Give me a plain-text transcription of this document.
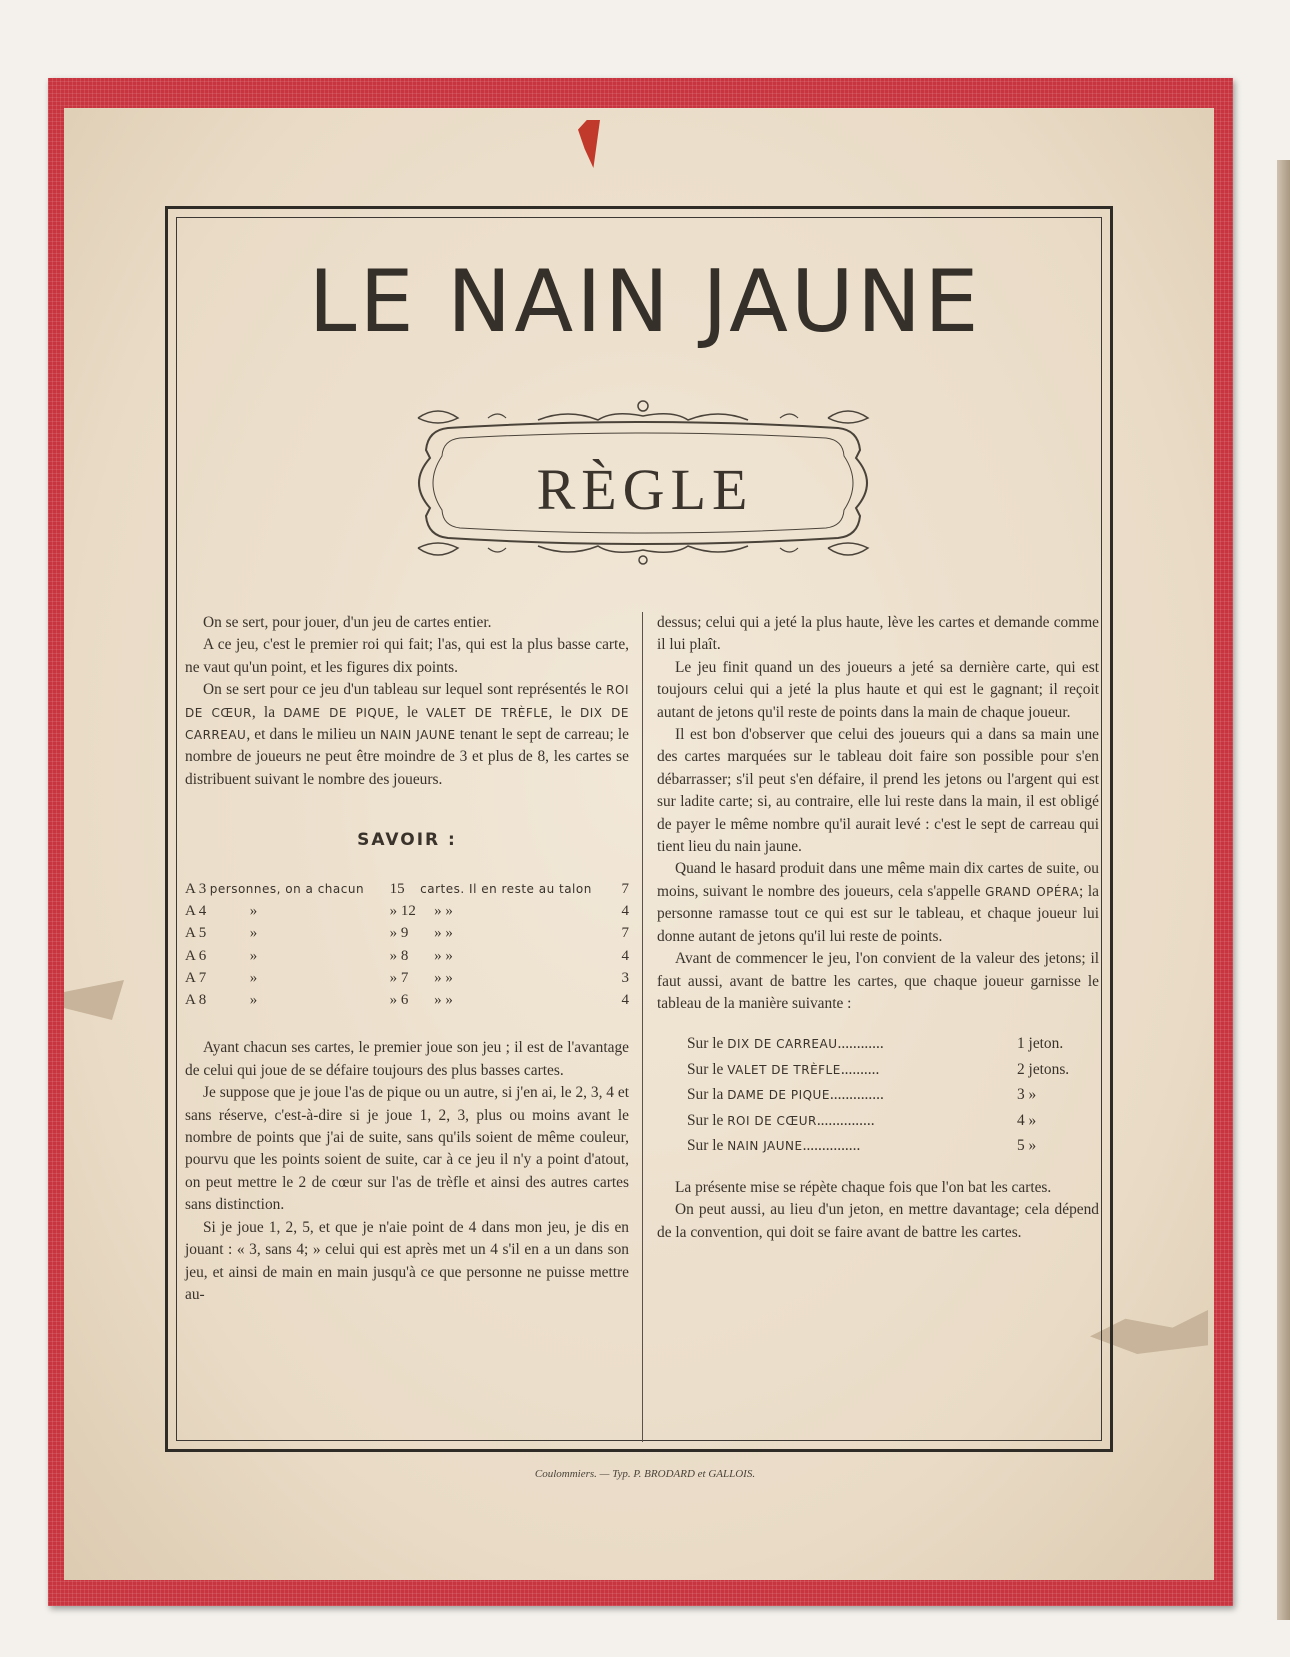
LE NAIN JAUNE
RÈGLE

On se sert, pour jouer, d'un jeu de cartes entier.

A ce jeu, c'est le premier roi qui fait; l'as, qui est la plus basse carte, ne vaut qu'un point, et les figures dix points.

On se sert pour ce jeu d'un tableau sur lequel sont représentés le ROI DE CŒUR, la DAME DE PIQUE, le VALET DE TRÈFLE, le DIX DE CARREAU, et dans le milieu un NAIN JAUNE tenant le sept de carreau; le nombre de joueurs ne peut être moindre de 3 et plus de 8, les cartes se distribuent suivant le nombre des joueurs.

SAVOIR :
A 3	personnes, on a chacun	15	cartes. Il en reste au talon	7
A 4	»	» 12	» »	4
A 5	»	» 9	» »	7
A 6	»	» 8	» »	4
A 7	»	» 7	» »	3
A 8	»	» 6	» »	4

Ayant chacun ses cartes, le premier joue son jeu ; il est de l'avantage de celui qui joue de se défaire toujours des plus basses cartes.

Je suppose que je joue l'as de pique ou un autre, si j'en ai, le 2, 3, 4 et sans réserve, c'est-à-dire si je joue 1, 2, 3, plus ou moins avant le nombre de points que j'ai de suite, sans qu'ils soient de même couleur, pourvu que les points soient de suite, car à ce jeu il n'y a point d'atout, on peut mettre le 2 de cœur sur l'as de trèfle et ainsi des autres cartes sans distinction.

Si je joue 1, 2, 5, et que je n'aie point de 4 dans mon jeu, je dis en jouant : « 3, sans 4; » celui qui est après met un 4 s'il en a un dans son jeu, et ainsi de main en main jusqu'à ce que personne ne puisse mettre au-

dessus; celui qui a jeté la plus haute, lève les cartes et demande comme il lui plaît.

Le jeu finit quand un des joueurs a jeté sa dernière carte, qui est toujours celui qui a jeté la plus haute et qui est le gagnant; il reçoit autant de jetons qu'il reste de points dans la main de chaque joueur.

Il est bon d'observer que celui des joueurs qui a dans sa main une des cartes marquées sur le tableau doit faire son possible pour s'en débarrasser; s'il peut s'en défaire, il prend les jetons ou l'argent qui est sur ladite carte; si, au contraire, elle lui reste dans la main, il est obligé de payer le même nombre qu'il aurait levé : c'est le sept de carreau qui tient lieu du nain jaune.

Quand le hasard produit dans une même main dix cartes de suite, ou moins, suivant le nombre des joueurs, cela s'appelle GRAND OPÉRA; la personne ramasse tout ce qui est sur le tableau, et chaque joueur lui donne autant de jetons qu'il lui reste de points.

Avant de commencer le jeu, l'on convient de la valeur des jetons; il faut aussi, avant de battre les cartes, que chaque joueur garnisse le tableau de la manière suivante :

Sur le DIX DE CARREAU............	1 jeton.
Sur le VALET DE TRÈFLE..........	2 jetons.
Sur la DAME DE PIQUE..............	3 »
Sur le ROI DE CŒUR...............	4 »
Sur le NAIN JAUNE...............	5 »

La présente mise se répète chaque fois que l'on bat les cartes.

On peut aussi, au lieu d'un jeton, en mettre davantage; cela dépend de la convention, qui doit se faire avant de battre les cartes.

Coulommiers. — Typ. P. BRODARD et GALLOIS.
